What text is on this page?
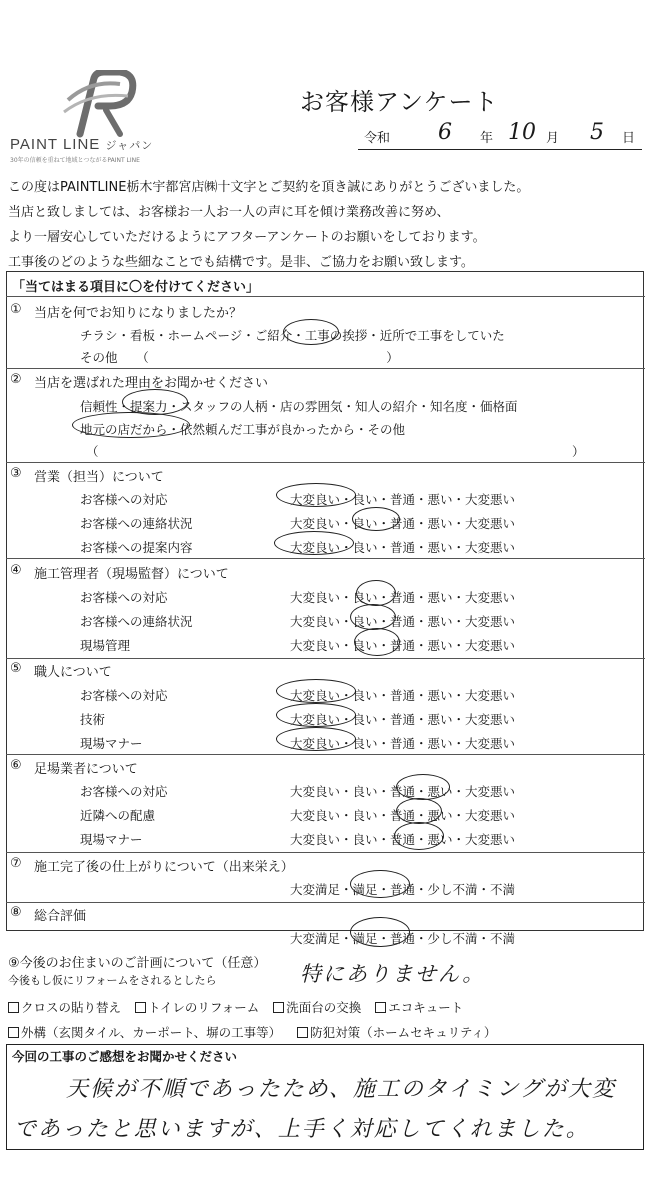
PAINT LINE ジャパン
30年の信頼を重ねて地域とつながるPAINT LINE
お客様アンケート
令和 6 年 10 月 5 日
この度はPAINTLINE栃木宇都宮店㈱十文字とご契約を頂き誠にありがとうございました。
当店と致しましては、お客様お一人お一人の声に耳を傾け業務改善に努め、
より一層安心していただけるようにアフターアンケートのお願いをしております。
工事後のどのような些細なことでも結構です。是非、ご協力をお願い致します。
「当てはまる項目に〇を付けてください」
① 当店を何でお知りになりましたか？
チラシ・看板・ホームページ・ご紹介・工事の挨拶・近所で工事をしていた
その他　　（　　　　　　　　　　　　　　　　　　　）
② 当店を選ばれた理由をお聞かせください
信頼性・提案力・スタッフの人柄・店の雰囲気・知人の紹介・知名度・価格面
地元の店だから・依然頼んだ工事が良かったから・その他
（	）
③ 営業（担当）について
お客様への対応	大変良い・良い・普通・悪い・大変悪い
お客様への連絡状況	大変良い・良い・普通・悪い・大変悪い
お客様への提案内容	大変良い・良い・普通・悪い・大変悪い
④ 施工管理者（現場監督）について
お客様への対応	大変良い・良い・普通・悪い・大変悪い
お客様への連絡状況	大変良い・良い・普通・悪い・大変悪い
現場管理	大変良い・良い・普通・悪い・大変悪い
⑤ 職人について
お客様への対応	大変良い・良い・普通・悪い・大変悪い
技術	大変良い・良い・普通・悪い・大変悪い
現場マナー	大変良い・良い・普通・悪い・大変悪い
⑥ 足場業者について
お客様への対応	大変良い・良い・普通・悪い・大変悪い
近隣への配慮	大変良い・良い・普通・悪い・大変悪い
現場マナー	大変良い・良い・普通・悪い・大変悪い
⑦ 施工完了後の仕上がりについて（出来栄え）
大変満足・満足・普通・少し不満・不満
⑧ 総合評価
大変満足・満足・普通・少し不満・不満
⑨今後のお住まいのご計画について（任意）
今後もし仮にリフォームをされるとしたら	特にありません。
クロスの貼り替え トイレのリフォーム 洗面台の交換 エコキュート
外構（玄関タイル、カーポート、塀の工事等） 防犯対策（ホームセキュリティ）
今回の工事のご感想をお聞かせください
天候が不順であったため、施工のタイミングが大変
であったと思いますが、上手く対応してくれました。
